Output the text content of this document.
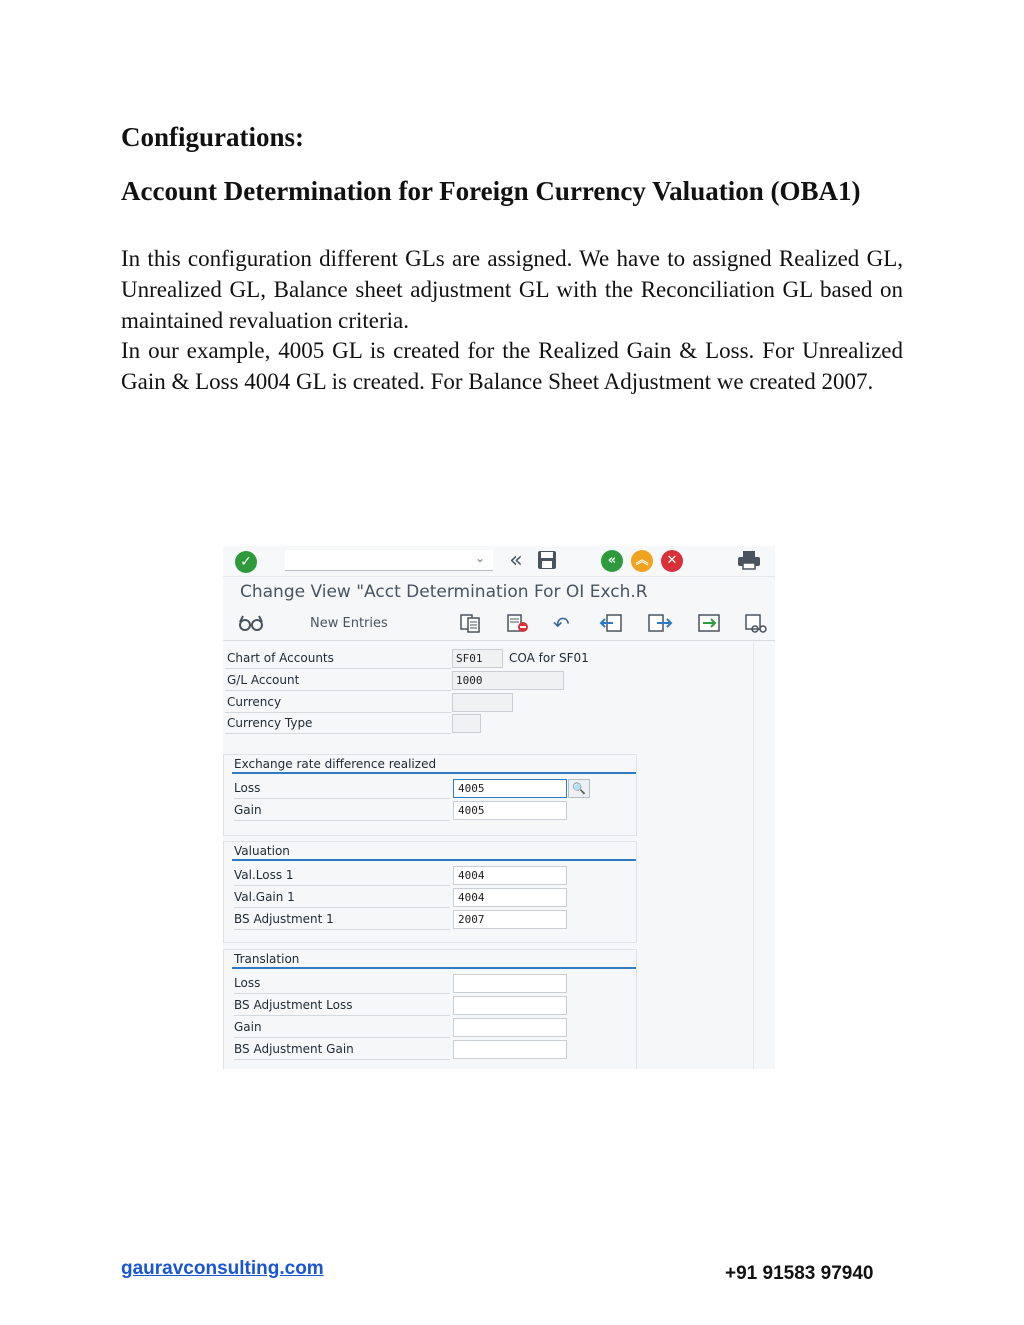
Configurations:
Account Determination for Foreign Currency Valuation (OBA1)

In this configuration different GLs are assigned. We have to assigned Realized GL, Unrealized GL, Balance sheet adjustment GL with the Reconciliation GL based on maintained revaluation criteria.

In our example, 4005 GL is created for the Realized Gain & Loss. For Unrealized Gain & Loss 4004 GL is created. For Balance Sheet Adjustment we created 2007.

✓	⌄ «	«	︽	✕
Change View "Acct Determination For OI Exch.R
New Entries	↶
Chart of Accounts	SF01	COA for SF01
G/L Account	1000
Currency
Currency Type
Exchange rate difference realized
Loss	4005	🔍
Gain	4005
Valuation
Val.Loss 1	4004
Val.Gain 1	4004
BS Adjustment 1	2007
Translation
Loss
BS Adjustment Loss
Gain
BS Adjustment Gain
gauravconsulting.com	+91 91583 97940
